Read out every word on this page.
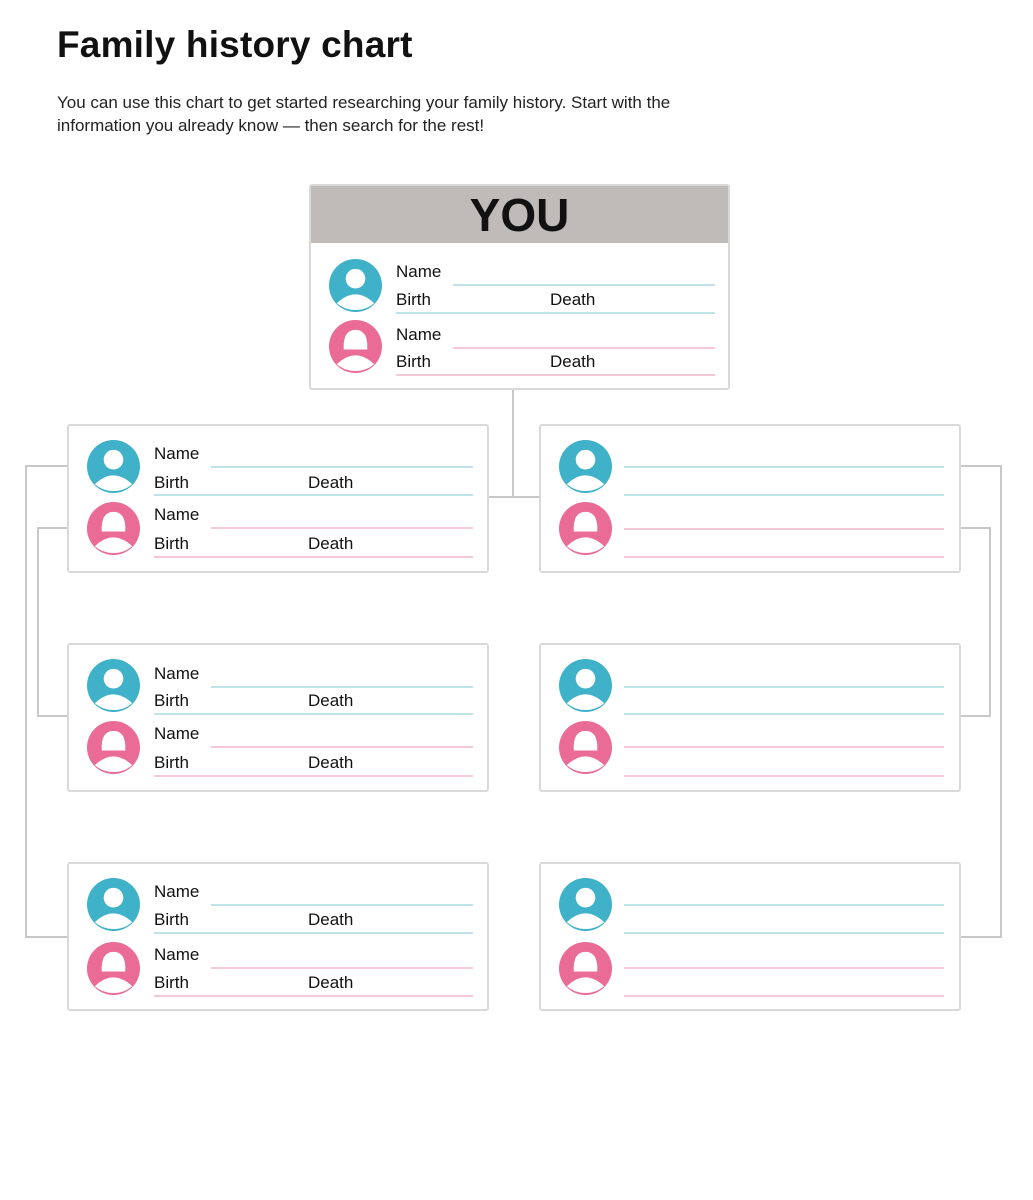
Family history chart

You can use this chart to get started researching your family history. Start with the information you already know — then search for the rest!

YOU
Name
Birth	Death
Name
Birth	Death
Name
Birth	Death
Name
Birth	Death
Name
Birth	Death
Name
Birth	Death
Name
Birth	Death
Name
Birth	Death
